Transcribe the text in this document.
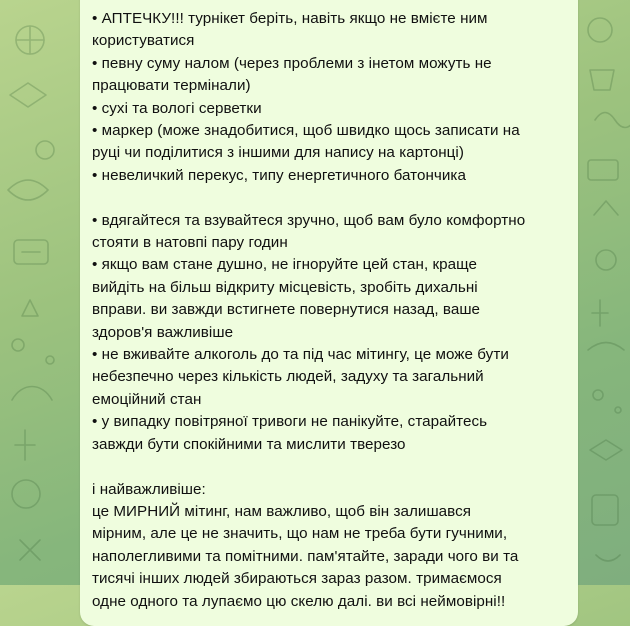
• АПТЕЧКУ!!! турнікет беріть, навіть якщо не вмієте ним
користуватися
• певну суму налом (через проблеми з інетом можуть не
працювати термінали)
• сухі та вологі серветки
• маркер (може знадобитися, щоб швидко щось записати на
руці чи поділитися з іншими для напису на картонці)
• невеличкий перекус, типу енергетичного батончика
• вдягайтеся та взувайтеся зручно, щоб вам було комфортно
стояти в натовпі пару годин
• якщо вам стане душно, не ігноруйте цей стан, краще
вийдіть на більш відкриту місцевість, зробіть дихальні
вправи. ви завжди встигнете повернутися назад, ваше
здоров'я важливіше
• не вживайте алкоголь до та під час мітингу, це може бути
небезпечно через кількість людей, задуху та загальний
емоційний стан
• у випадку повітряної тривоги не панікуйте, старайтесь
завжди бути спокійними та мислити тверезо
і найважливіше:
це МИРНИЙ мітинг, нам важливо, щоб він залишався
мірним, але це не значить, що нам не треба бути гучними,
наполегливими та помітними. пам'ятайте, заради чого ви та
тисячі інших людей збираються зараз разом. тримаємося
одне одного та лупаємо цю скелю далі. ви всі неймовірні!!
